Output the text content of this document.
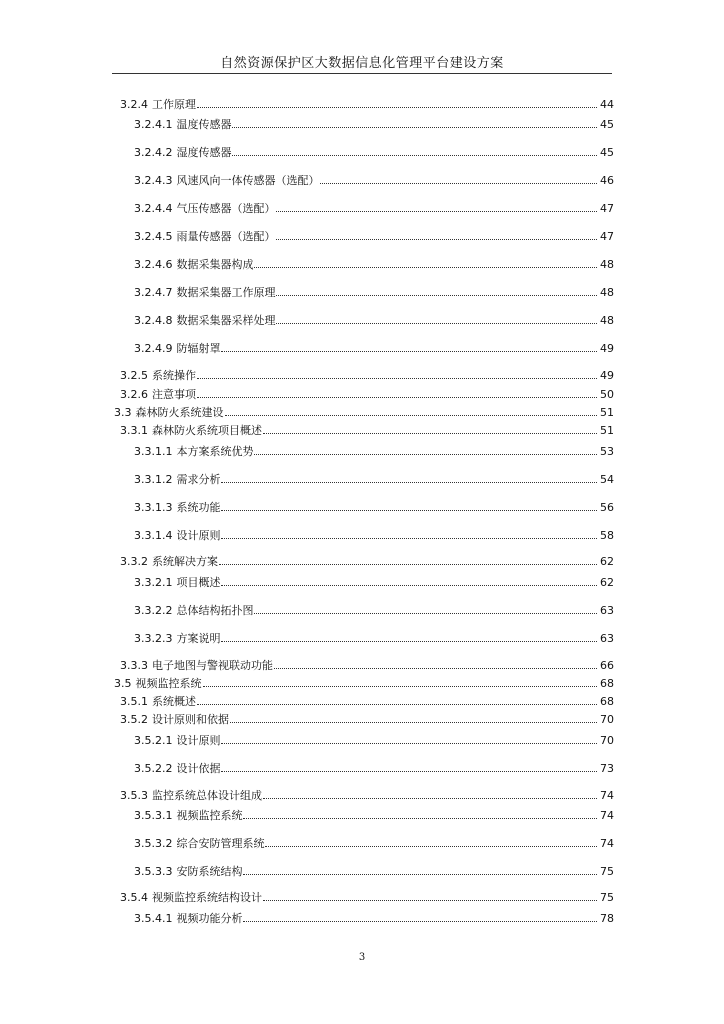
自然资源保护区大数据信息化管理平台建设方案
3.2.4 工作原理	44
3.2.4.1 温度传感器	45
3.2.4.2 湿度传感器	45
3.2.4.3 风速风向一体传感器（选配）	46
3.2.4.4 气压传感器（选配）	47
3.2.4.5 雨量传感器（选配）	47
3.2.4.6 数据采集器构成	48
3.2.4.7 数据采集器工作原理	48
3.2.4.8 数据采集器采样处理	48
3.2.4.9 防辐射罩	49
3.2.5 系统操作	49
3.2.6 注意事项	50
3.3 森林防火系统建设	51
3.3.1 森林防火系统项目概述	51
3.3.1.1 本方案系统优势	53
3.3.1.2 需求分析	54
3.3.1.3 系统功能	56
3.3.1.4 设计原则	58
3.3.2 系统解决方案	62
3.3.2.1 项目概述	62
3.3.2.2 总体结构拓扑图	63
3.3.2.3 方案说明	63
3.3.3 电子地图与警视联动功能	66
3.5 视频监控系统	68
3.5.1 系统概述	68
3.5.2 设计原则和依据	70
3.5.2.1 设计原则	70
3.5.2.2 设计依据	73
3.5.3 监控系统总体设计组成	74
3.5.3.1 视频监控系统	74
3.5.3.2 综合安防管理系统	74
3.5.3.3 安防系统结构	75
3.5.4 视频监控系统结构设计	75
3.5.4.1 视频功能分析	78
3
